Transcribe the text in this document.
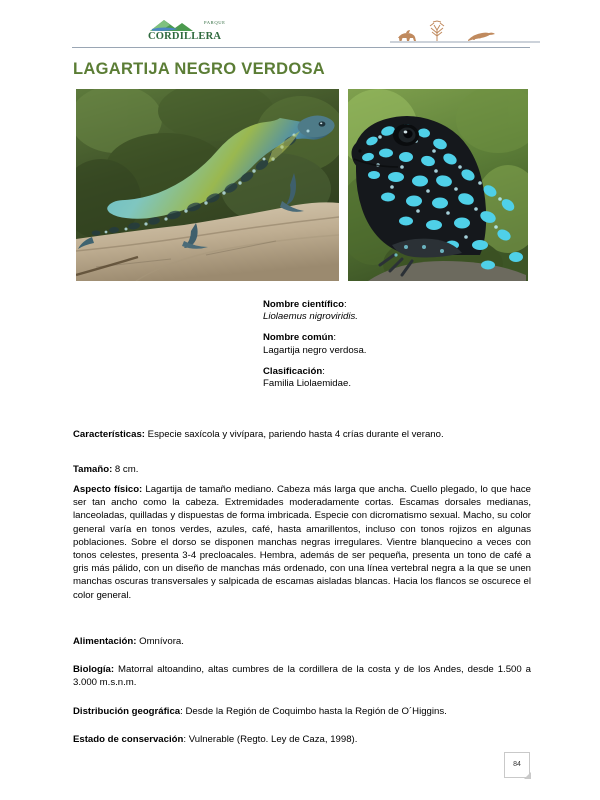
PARQUE
CORDILLERA
LAGARTIJA NEGRO VERDOSA
Nombre científico:
Liolaemus nigroviridis.
Nombre común:
Lagartija negro verdosa.
Clasificación:
Familia Liolaemidae.
Características: Especie saxícola y vivípara, pariendo hasta 4 crías durante el verano.
Tamaño: 8 cm.
Aspecto físico: Lagartija de tamaño mediano. Cabeza más larga que ancha. Cuello plegado, lo que hace ser tan ancho como la cabeza. Extremidades moderadamente cortas. Escamas dorsales medianas, lanceoladas, quilladas y dispuestas de forma imbricada. Especie con dicromatismo sexual. Macho, su color general varía en tonos verdes, azules, café, hasta amarillentos, incluso con tonos rojizos en algunas poblaciones. Sobre el dorso se disponen manchas negras irregulares. Vientre blanquecino a veces con tonos celestes, presenta 3-4 precloacales. Hembra, además de ser pequeña, presenta un tono de café a gris más pálido, con un diseño de manchas más ordenado, con una línea vertebral negra a la que se unen manchas oscuras transversales y salpicada de escamas aisladas blancas. Hacia los flancos se oscurece el color general.
Alimentación: Omnívora.
Biología: Matorral altoandino, altas cumbres de la cordillera de la costa y de los Andes, desde 1.500 a 3.000 m.s.n.m.
Distribución geográfica: Desde la Región de Coquimbo hasta la Región de O´Higgins.
Estado de conservación: Vulnerable (Regto. Ley de Caza, 1998).
84
